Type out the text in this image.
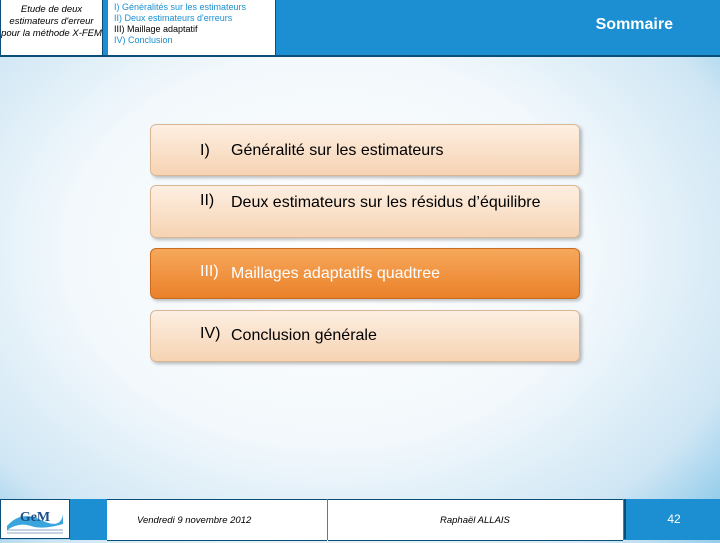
Etude de deux estimateurs d'erreur pour la méthode X-FEM
I) Généralités sur les estimateurs
II) Deux estimateurs d'erreurs
III) Maillage adaptatif
IV) Conclusion
Sommaire
I) Généralité sur les estimateurs
II) Deux estimateurs sur les résidus d’équilibre
III) Maillages adaptatifs quadtree
IV) Conclusion générale
GeM	Vendredi 9 novembre 2012	Raphaël ALLAIS	42
